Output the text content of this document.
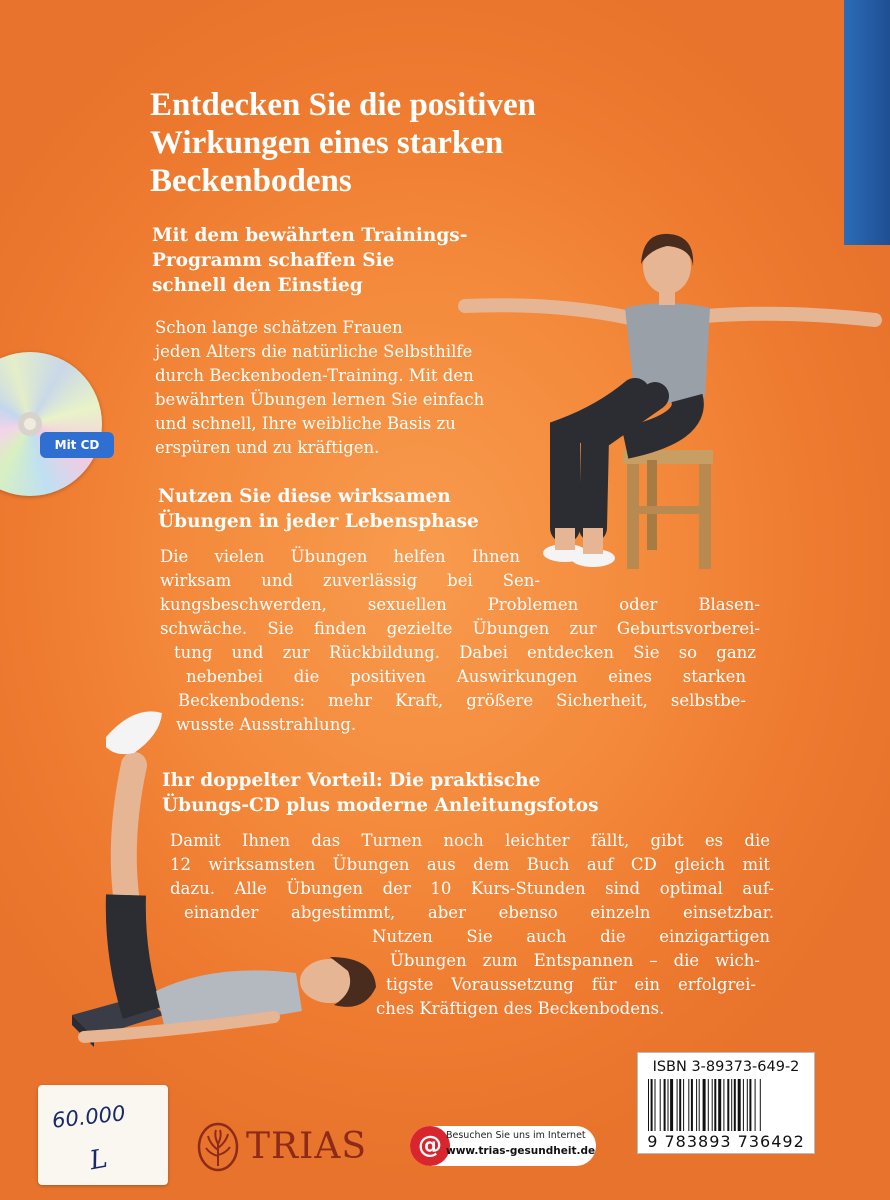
Entdecken Sie die positiven
Wirkungen eines starken
Beckenbodens
Mit dem bewährten Trainings-
Programm schaffen Sie
schnell den Einstieg
Schon lange schätzen Frauen
jeden Alters die natürliche Selbsthilfe
durch Beckenboden-Training. Mit den
bewährten Übungen lernen Sie einfach
und schnell, Ihre weibliche Basis zu
erspüren und zu kräftigen.
Nutzen Sie diese wirksamen
Übungen in jeder Lebensphase
Die vielen Übungen helfen Ihnen
wirksam und zuverlässig bei Sen-
kungsbeschwerden, sexuellen Problemen oder Blasen-
schwäche. Sie finden gezielte Übungen zur Geburtsvorberei-
tung und zur Rückbildung. Dabei entdecken Sie so ganz
nebenbei die positiven Auswirkungen eines starken
Beckenbodens: mehr Kraft, größere Sicherheit, selbstbe-
wusste Ausstrahlung.
Ihr doppelter Vorteil: Die praktische
Übungs-CD plus moderne Anleitungsfotos
Damit Ihnen das Turnen noch leichter fällt, gibt es die
12 wirksamsten Übungen aus dem Buch auf CD gleich mit
dazu. Alle Übungen der 10 Kurs-Stunden sind optimal auf-
einander abgestimmt, aber ebenso einzeln einsetzbar.
Nutzen Sie auch die einzigartigen
Übungen zum Entspannen – die wich-
tigste Voraussetzung für ein erfolgrei-
ches Kräftigen des Beckenbodens.
Mit CD
ISBN 3-89373-649-2
9 783893 736492
60.000
L	TRIAS	@ Besuchen Sie uns im Internet
www.trias-gesundheit.de
